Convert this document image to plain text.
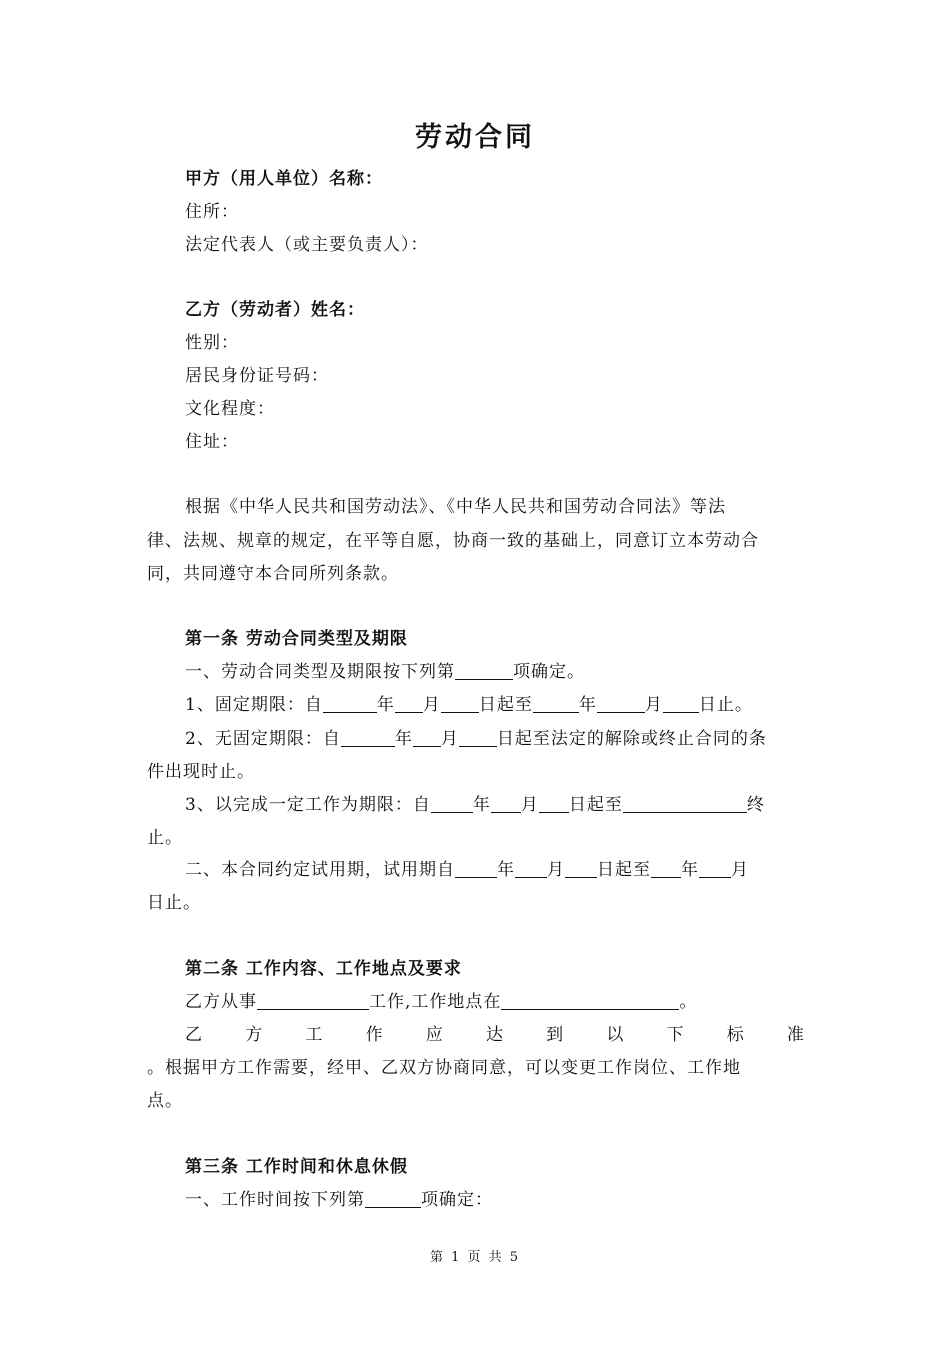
劳动合同
甲方（用人单位）名称：
住所：
法定代表人（或主要负责人）：
乙方（劳动者）姓名：
性别：
居民身份证号码：
文化程度：
住址：
根据《中华人民共和国劳动法》、《中华人民共和国劳动合同法》等法
律、法规、规章的规定，在平等自愿，协商一致的基础上，同意订立本劳动合
同，共同遵守本合同所列条款。
第一条 劳动合同类型及期限
一、劳动合同类型及期限按下列第	项确定。
1、固定期限：自	年 月 日起至	年	月 日止。
2、无固定期限：自	年 月 日起至法定的解除或终止合同的条
件出现时止。
3、以完成一定工作为期限：自 年 月 日起至	终
止。
二、本合同约定试用期，试用期自 年 月 日起至 年 月
日止。
第二条 工作内容、工作地点及要求
乙方从事	工作,工作地点在	。
乙 方 工 作 应 达 到 以 下 标 准
。根据甲方工作需要，经甲、乙双方协商同意，可以变更工作岗位、工作地
点。
第三条 工作时间和休息休假
一、工作时间按下列第	项确定：
第 1 页 共 5
